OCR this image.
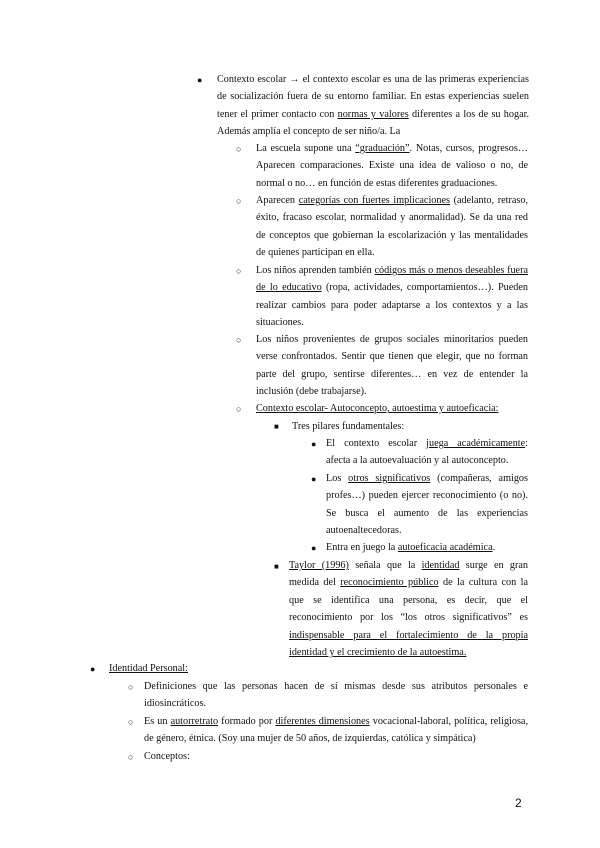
● Contexto escolar → el contexto escolar es una de las primeras experiencias de socialización fuera de su entorno familiar. En estas experiencias suelen tener el primer contacto con normas y valores diferentes a los de su hogar. Además amplía el concepto de ser niño/a. La

○ La escuela supone una “graduación”. Notas, cursos, progresos… Aparecen comparaciones. Existe una idea de valioso o no, de normal o no… en función de estas diferentes graduaciones.

○ Aparecen categorías con fuertes implicaciones (adelanto, retraso, éxito, fracaso escolar, normalidad y anormalidad). Se da una red de conceptos que gobiernan la escolarización y las mentalidades de quienes participan en ella.

○ Los niños aprenden también códigos más o menos deseables fuera de lo educativo (ropa, actividades, comportamientos…). Pueden realizar cambios para poder adaptarse a los contextos y a las situaciones.

○ Los niños provenientes de grupos sociales minoritarios pueden verse confrontados. Sentir que tienen que elegir, que no forman parte del grupo, sentirse diferentes… en vez de entender la inclusión (debe trabajarse).

○ Contexto escolar- Autoconcepto, autoestima y autoeficacia:

■ Tres pilares fundamentales:

● El contexto escolar juega académicamente: afecta a la autoevaluación y al autoconcepto.

● Los otros significativos (compañeras, amigos profes…) pueden ejercer reconocimiento (o no). Se busca el aumento de las experiencias autoenaltecedoras.

● Entra en juego la autoeficacia académica.

■ Taylor (1996) señala que la identidad surge en gran medida del reconocimiento público de la cultura con la que se identifica una persona, es decir, que el reconocimiento por los “los otros significativos” es indispensable para el fortalecimiento de la propia identidad y el crecimiento de la autoestima.

● Identidad Personal:

○ Definiciones que las personas hacen de sí mismas desde sus atributos personales e idiosincráticos.

○ Es un autorretrato formado por diferentes dimensiones vocacional-laboral, política, religiosa, de género, étnica. (Soy una mujer de 50 años, de izquierdas, católica y simpática)

○ Conceptos:

2
